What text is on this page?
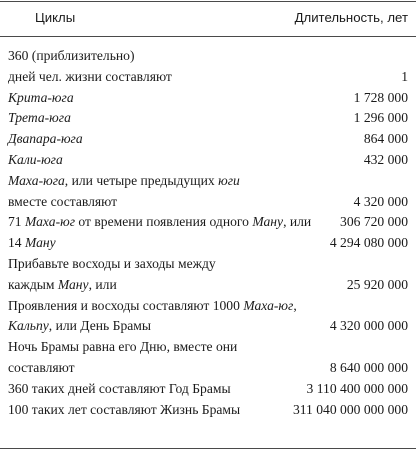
Циклы	Длительность, лет
360 (приблизительно)
дней чел. жизни составляют	1
Крита-юга	1 728 000
Трета-юга	1 296 000
Двапара-юга	864 000
Кали-юга	432 000
Маха-юга, или четыре предыдущих юги
вместе составляют	4 320 000
71 Маха-юг от времени появления одного Ману, или 306 720 000
14 Ману	4 294 080 000
Прибавьте восходы и заходы между
каждым Ману, или	25 920 000
Проявления и восходы составляют 1000 Маха-юг,
Кальпу, или День Брамы	4 320 000 000
Ночь Брамы равна его Дню, вместе они
составляют	8 640 000 000
360 таких дней составляют Год Брамы	3 110 400 000 000
100 таких лет составляют Жизнь Брамы	311 040 000 000 000
